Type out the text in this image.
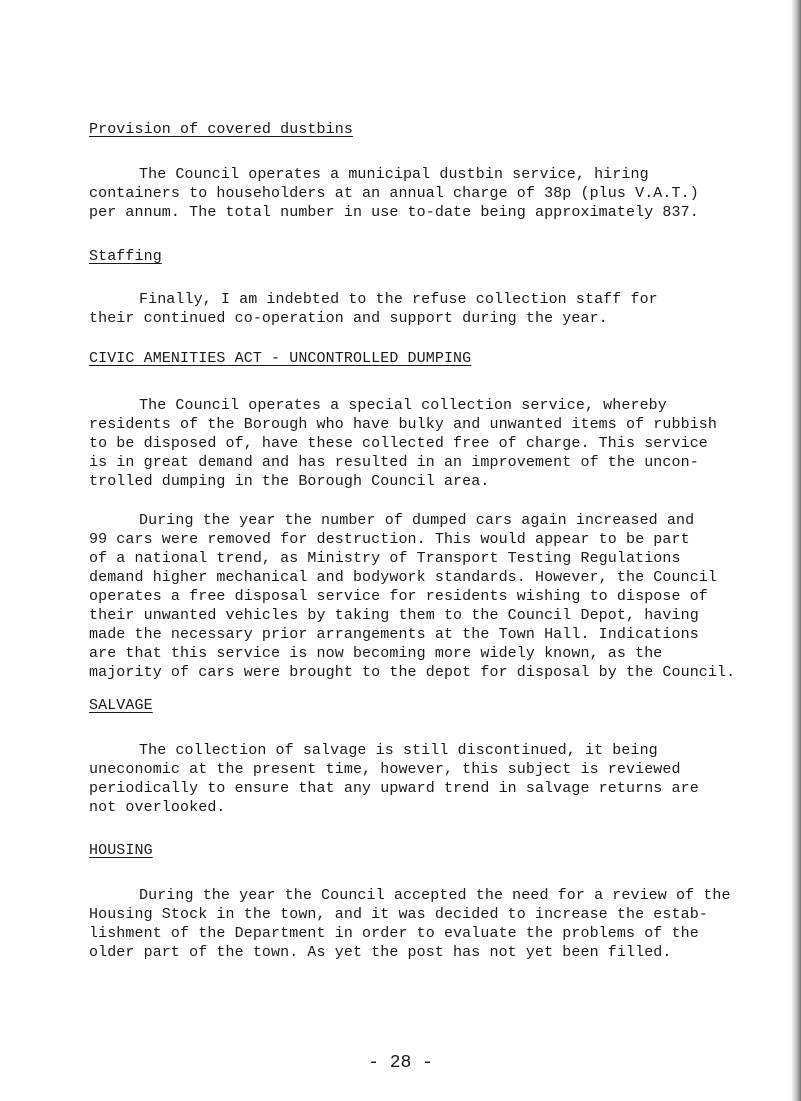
Provision of covered dustbins
The Council operates a municipal dustbin service, hiring
containers to householders at an annual charge of 38p (plus V.A.T.)
per annum. The total number in use to-date being approximately 837.
Staffing
Finally, I am indebted to the refuse collection staff for
their continued co-operation and support during the year.
CIVIC AMENITIES ACT - UNCONTROLLED DUMPING
The Council operates a special collection service, whereby
residents of the Borough who have bulky and unwanted items of rubbish
to be disposed of, have these collected free of charge. This service
is in great demand and has resulted in an improvement of the uncon-
trolled dumping in the Borough Council area.
During the year the number of dumped cars again increased and
99 cars were removed for destruction. This would appear to be part
of a national trend, as Ministry of Transport Testing Regulations
demand higher mechanical and bodywork standards. However, the Council
operates a free disposal service for residents wishing to dispose of
their unwanted vehicles by taking them to the Council Depot, having
made the necessary prior arrangements at the Town Hall. Indications
are that this service is now becoming more widely known, as the
majority of cars were brought to the depot for disposal by the Council.
SALVAGE
The collection of salvage is still discontinued, it being
uneconomic at the present time, however, this subject is reviewed
periodically to ensure that any upward trend in salvage returns are
not overlooked.
HOUSING
During the year the Council accepted the need for a review of the
Housing Stock in the town, and it was decided to increase the estab-
lishment of the Department in order to evaluate the problems of the
older part of the town. As yet the post has not yet been filled.
- 28 -
